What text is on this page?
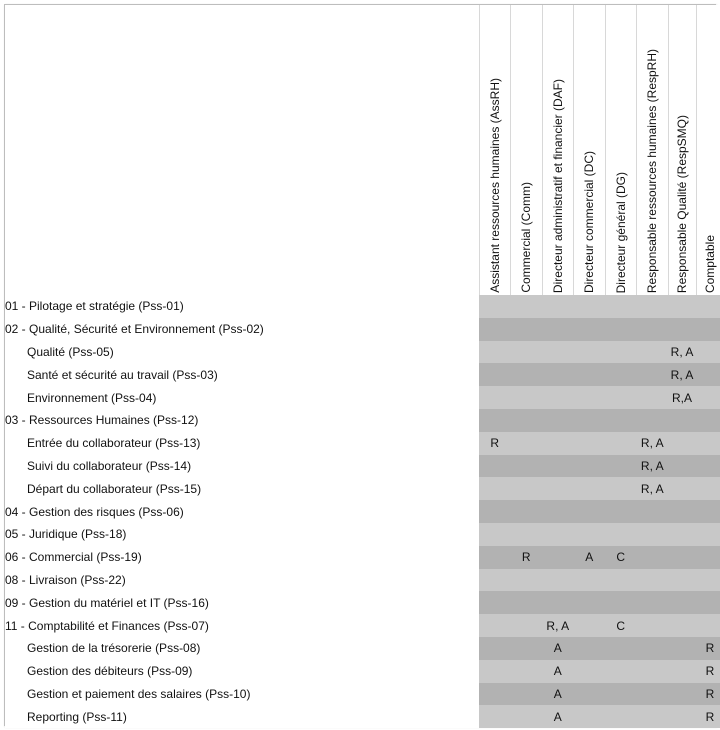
	Assistant ressources humaines (AssRH)	Commercial (Comm)	Directeur administratif et financier (DAF)	Directeur commercial (DC)	Directeur général (DG)	Responsable ressources humaines (RespRH)	Responsable Qualité (RespSMQ)	Comptable

01 - Pilotage et stratégie (Pss-01)								
02 - Qualité, Sécurité et Environnement (Pss-02)								
Qualité (Pss-05)							R, A	
Santé et sécurité au travail (Pss-03)							R, A	
Environnement (Pss-04)							R,A	
03 - Ressources Humaines (Pss-12)								
Entrée du collaborateur (Pss-13)	R					R, A		
Suivi du collaborateur (Pss-14)						R, A		
Départ du collaborateur (Pss-15)						R, A		
04 - Gestion des risques (Pss-06)								
05 - Juridique (Pss-18)								
06 - Commercial (Pss-19)		R		A	C			
08 - Livraison (Pss-22)								
09 - Gestion du matériel et IT (Pss-16)								
11 - Comptabilité et Finances (Pss-07)			R, A		C			
Gestion de la trésorerie (Pss-08)			A					R
Gestion des débiteurs (Pss-09)			A					R
Gestion et paiement des salaires (Pss-10)			A					R
Reporting (Pss-11)			A					R
